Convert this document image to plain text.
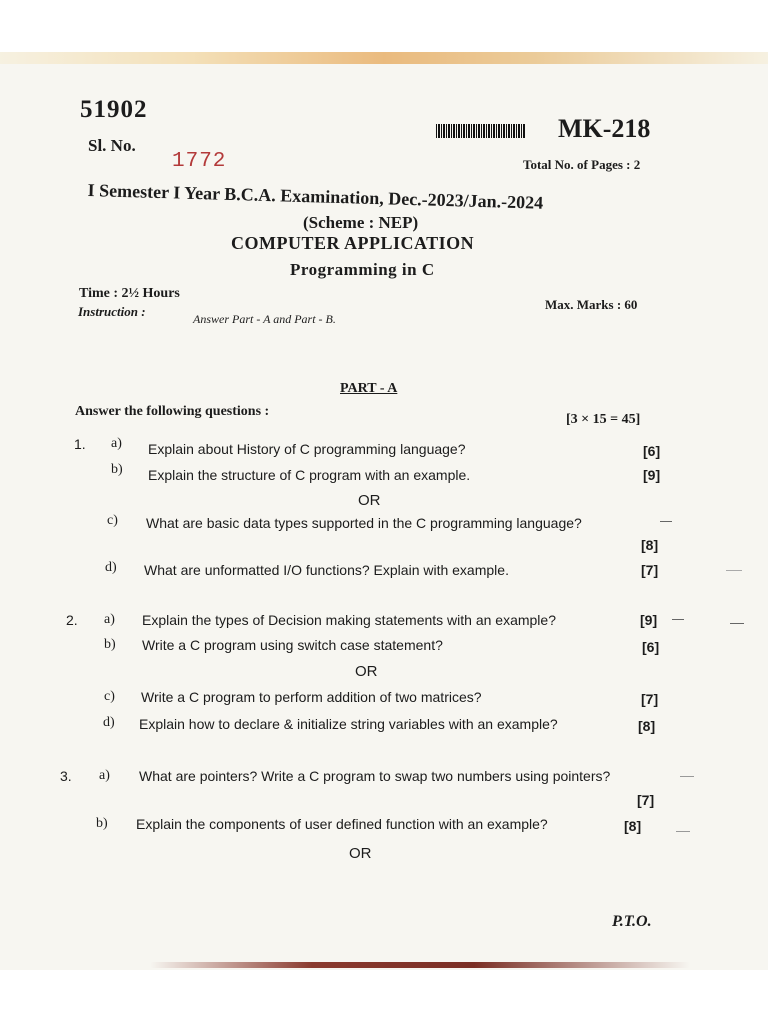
51902
Sl. No.
1772
MK-218
Total No. of Pages : 2
I Semester I Year B.C.A. Examination, Dec.-2023/Jan.-2024
(Scheme : NEP)
COMPUTER APPLICATION
Programming in C
Time : 2½ Hours
Instruction :	Answer Part - A and Part - B.
Max. Marks : 60
PART - A
Answer the following questions :
[3 × 15 = 45]
1. a) Explain about History of C programming language?	[6]
b) Explain the structure of C program with an example.	[9]
OR
c) What are basic data types supported in the C programming language?
[8]
d) What are unformatted I/O functions? Explain with example.	[7]
2. a) Explain the types of Decision making statements with an example?	[9]
b) Write a C program using switch case statement?	[6]
OR
c) Write a C program to perform addition of two matrices?	[7]
d) Explain how to declare & initialize string variables with an example?	[8]
3. a) What are pointers? Write a C program to swap two numbers using pointers?
[7]
b) Explain the components of user defined function with an example?	[8]
OR
P.T.O.
